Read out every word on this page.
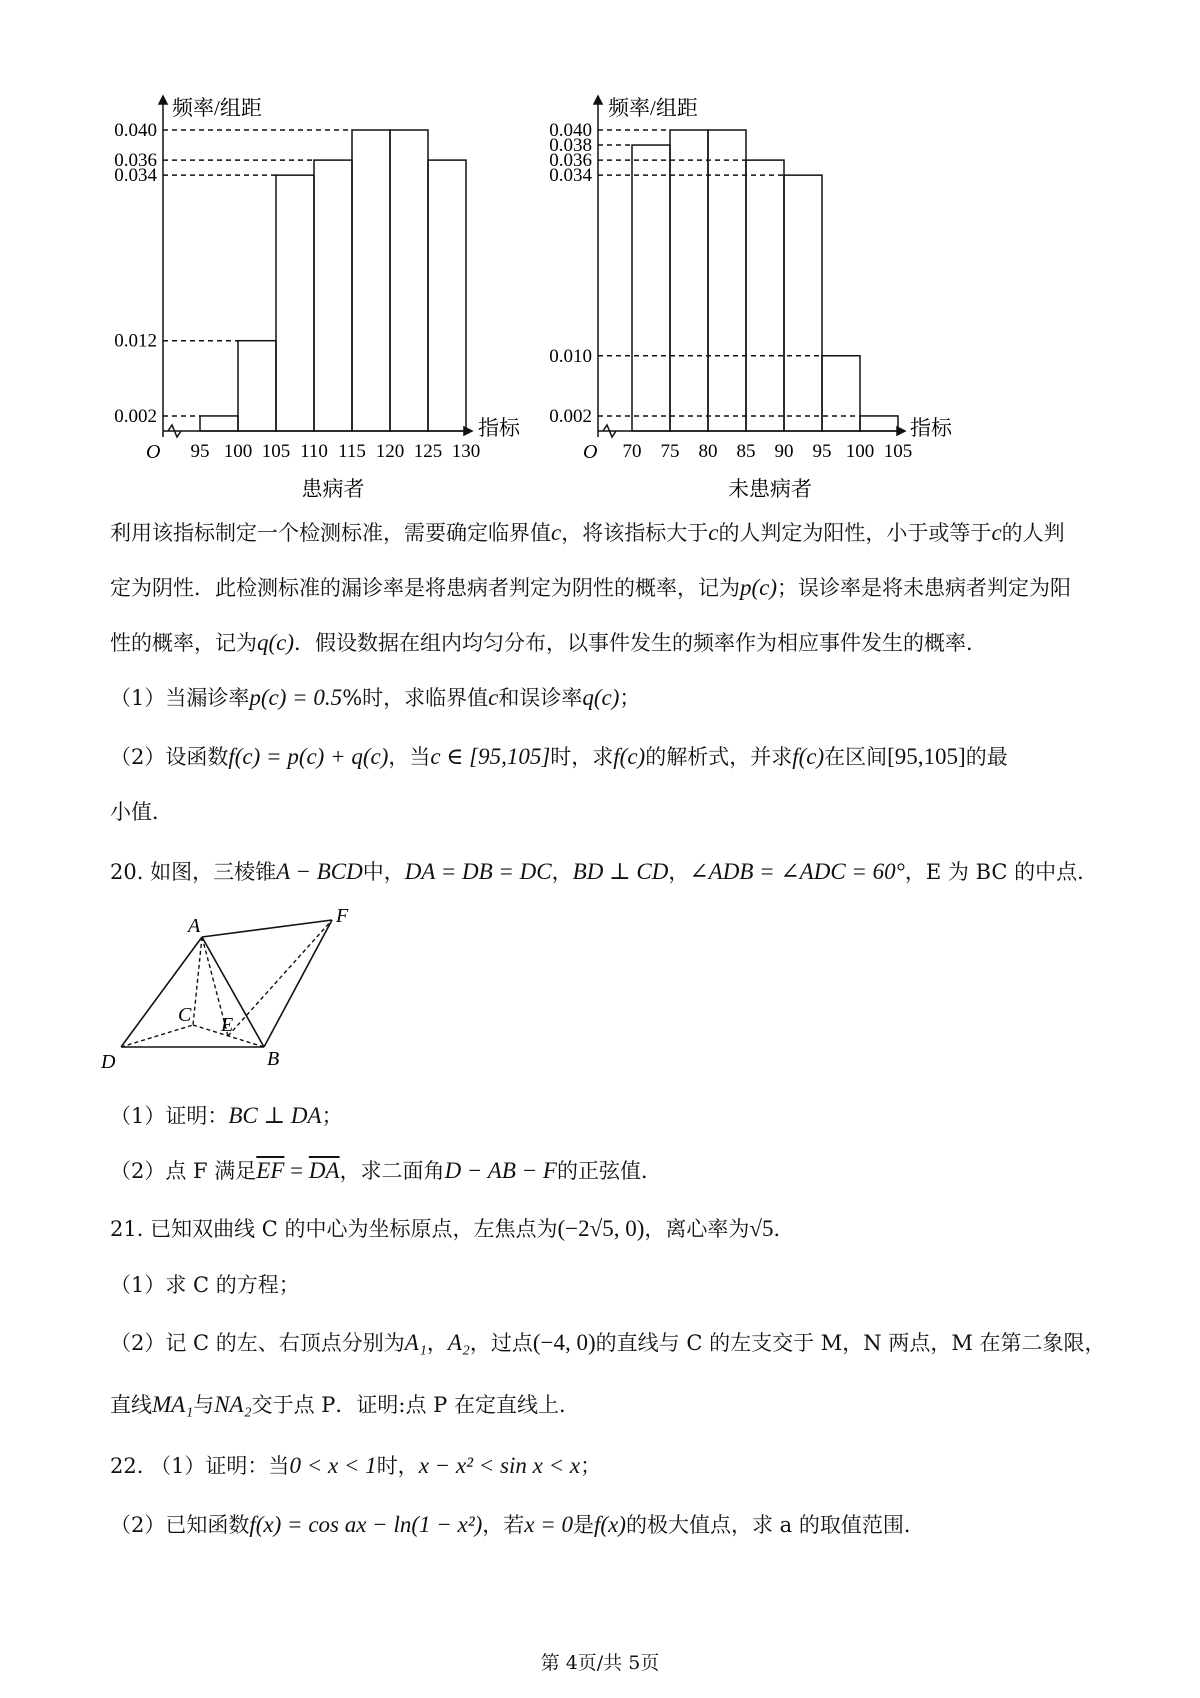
频率/组距
指标
O
患病者
0.040
0.036
0.034
0.012
0.002
95 100 105 110 115 120 125 130
频率/组距
指标
O
未患病者
0.040
0.038
0.036
0.034
0.010
0.002
70 75 80 85 90 95 100 105
利用该指标制定一个检测标准，需要确定临界值c，将该指标大于c的人判定为阳性，小于或等于c的人判
定为阴性．此检测标准的漏诊率是将患病者判定为阴性的概率，记为p(c)；误诊率是将未患病者判定为阳
性的概率，记为q(c)．假设数据在组内均匀分布，以事件发生的频率作为相应事件发生的概率．
（1）当漏诊率p(c) = 0.5%时，求临界值c和误诊率q(c)；
（2）设函数f(c) = p(c) + q(c)，当c ∈ [95,105]时，求f(c)的解析式，并求f(c)在区间[95,105]的最
小值．
20. 如图，三棱锥A − BCD中，DA = DB = DC，BD ⊥ CD，∠ADB = ∠ADC = 60°，E 为 BC 的中点．
A	F
C E
D	B
（1）证明：BC ⊥ DA；
（2）点 F 满足$\overline{EF} = \overline{DA}$，求二面角D − AB − F的正弦值．
21. 已知双曲线 C 的中心为坐标原点，左焦点为(−2√5, 0)，离心率为√5．
（1）求 C 的方程；
（2）记 C 的左、右顶点分别为A₁，A₂，过点(−4, 0)的直线与 C 的左支交于 M，N 两点，M 在第二象限，
直线MA₁与NA₂交于点 P．证明:点 P 在定直线上．
22. （1）证明：当0 < x < 1时，x − x² < sin x < x；
（2）已知函数f(x) = cos ax − ln(1 − x²)，若x = 0是f(x)的极大值点，求 a 的取值范围．
第 4页/共 5页
